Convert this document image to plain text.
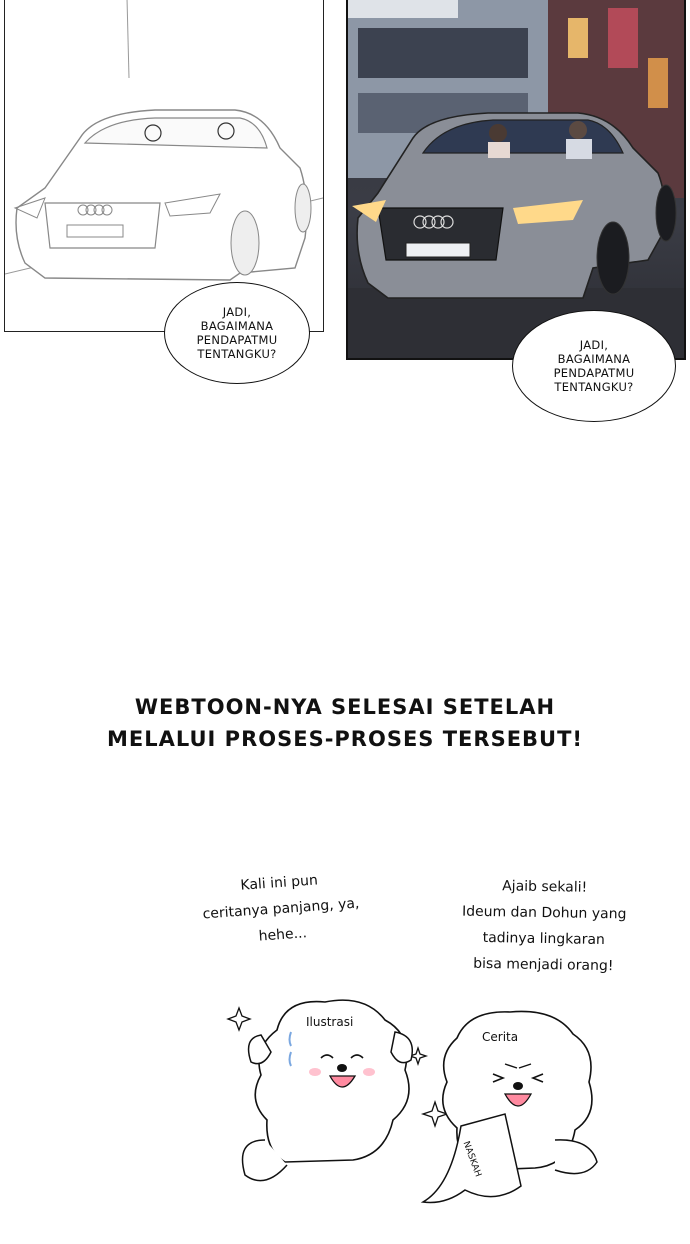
JADI,
BAGAIMANA
PENDAPATMU
TENTANGKU?
JADI,
BAGAIMANA
PENDAPATMU
TENTANGKU?
WEBTOON-NYA SELESAI SETELAH
MELALUI PROSES-PROSES TERSEBUT!
Kali ini pun
ceritanya panjang, ya,
hehe...
Ajaib sekali!
Ideum dan Dohun yang
tadinya lingkaran
bisa menjadi orang!
Ilustrasi
Cerita
NASKAH
